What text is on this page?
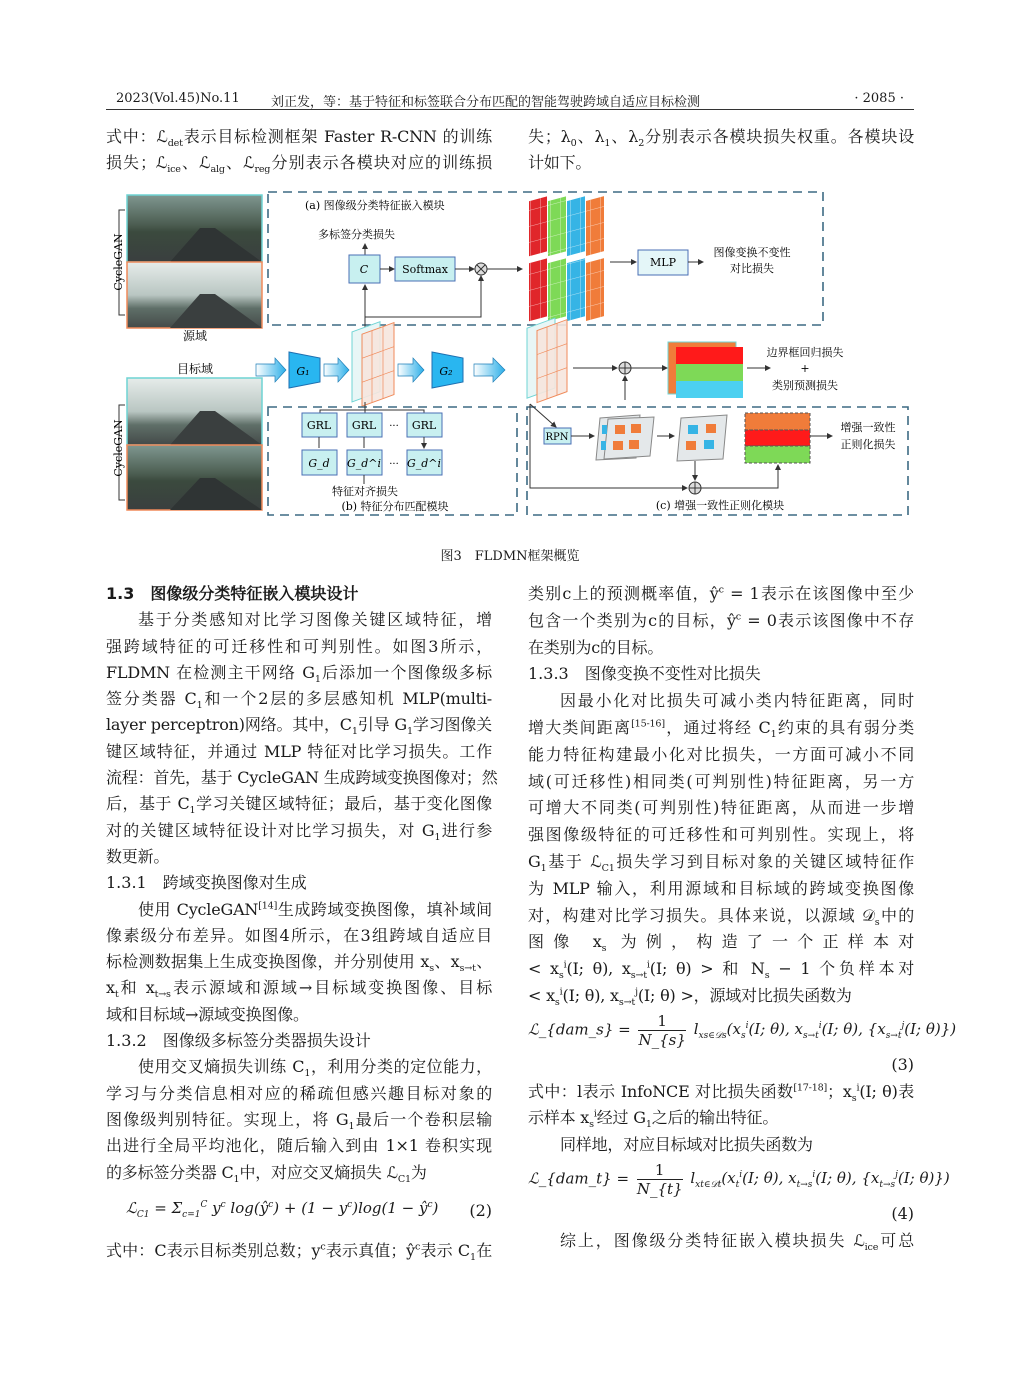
2023(Vol.45)No.11 刘正发，等：基于特征和标签联合分布匹配的智能驾驶跨域自适应目标检测	· 2085 ·
式中：ℒ$_{det}$表示目标检测框架 Faster R-CNN 的训练
损失；ℒ$_{ice}$、ℒ$_{alg}$、ℒ$_{reg}$分别表示各模块对应的训练损
失；$\lambda_0$、$\lambda_1$、$\lambda_2$分别表示各模块损失权重。各模块设
计如下。
源域
目标域
CycleGAN
CycleGAN
(a) 图像级分类特征嵌入模块
多标签分类损失
C	Softmax
MLP
图像变换不变性
对比损失
G₁	G₂
GRL GRL ··· GRL
G_d G_d^i ··· G_d^i
特征对齐损失
(b) 特征分布匹配模块
边界框回归损失
+
类别预测损失
RPN
增强一致性
正则化损失
(c) 增强一致性正则化模块
图3　FLDMN框架概览
1.3　图像级分类特征嵌入模块设计
基于分类感知对比学习图像关键区域特征，增
强跨域特征的可迁移性和可判别性。如图3所示，
FLDMN 在检测主干网络 $G_1$后添加一个图像级多标
签分类器 $C_1$和一个2层的多层感知机 MLP(multi-
layer perceptron)网络。其中，$C_1$引导 $G_1$学习图像关
键区域特征，并通过 MLP 特征对比学习损失。工作
流程：首先，基于 CycleGAN 生成跨域变换图像对；然
后，基于 $C_1$学习关键区域特征；最后，基于变化图像
对的关键区域特征设计对比学习损失，对 $G_1$进行参
数更新。
1.3.1　跨域变换图像对生成
使用 CycleGAN[14]生成跨域变换图像，填补域间
像素级分布差异。如图4所示，在3组跨域自适应目
标检测数据集上生成变换图像，并分别使用 $x_s$、$x_{s\to t}$、
$x_t$和 $x_{t\to s}$表示源域和源域→目标域变换图像、目标
域和目标域→源域变换图像。
1.3.2　图像级多标签分类器损失设计
使用交叉熵损失训练 $C_1$，利用分类的定位能力，
学习与分类信息相对应的稀疏但感兴趣目标对象的
图像级判别特征。实现上，将 $G_1$最后一个卷积层输
出进行全局平均池化，随后输入到由 1×1 卷积实现
的多标签分类器 $C_1$中，对应交叉熵损失 ℒ$_{C1}$为
ℒ$_{C1}$ = $\Sigma_{c=1}^C$ $y^c$ $\log(ŷ^c) + (1 - y^c)\log(1$ − $ŷ^c$) (2)
式中：C表示目标类别总数；$y^c$表示真值；$ŷ^c$表示 $C_1$在
类别c上的预测概率值，$ŷ^c = 1$表示在该图像中至少
包含一个类别为c的目标，$ŷ^c = 0$表示该图像中不存
在类别为c的目标。
1.3.3　图像变换不变性对比损失
因最小化对比损失可减小类内特征距离，同时
增大类间距离[15-16]，通过将经 $C_1$约束的具有弱分类
能力特征构建最小化对比损失，一方面可减小不同
域(可迁移性)相同类(可判别性)特征距离，另一方
可增大不同类(可判别性)特征距离，从而进一步增
强图像级特征的可迁移性和可判别性。实现上，将
$G_1$基于 ℒ$_{C1}$损失学习到目标对象的关键区域特征作
为 MLP 输入，利用源域和目标域的跨域变换图像
对，构建对比学习损失。具体来说，以源域 𝒟$_s$中的
图像 $x_s$ 为例，构造了一个正样本对
< $x_s^i(I$; θ), $x_{s\to t}^i(I$; θ) > 和 $N_s - 1$ 个负样本对
< $x_s^i(I$; θ), $x_{s\to t}^j(I$; θ) >，源域对比损失函数为
ℒ_{dam_s} = $\frac{1}{N\_\{s\}} l_{xs\in 𝒟s}(x_s^i(I$; θ), $x_{s\to t}^i(I$; θ), {$x_{s\to t}^j(I$; θ)})
(3)
式中：l表示 InfoNCE 对比损失函数[17-18]；$x_s^i(I$; θ)表
示样本 $x_s^i$经过 $G_1$之后的输出特征。
同样地，对应目标域对比损失函数为
ℒ_{dam_t} = $\frac{1}{N\_\{t\}} l_{xt\in 𝒟t}(x_t^i(I$; θ), $x_{t\to s}^i(I$; θ), {$x_{t\to s}^j(I$; θ)})
(4)
综上，图像级分类特征嵌入模块损失 ℒ$_{ice}$可总
